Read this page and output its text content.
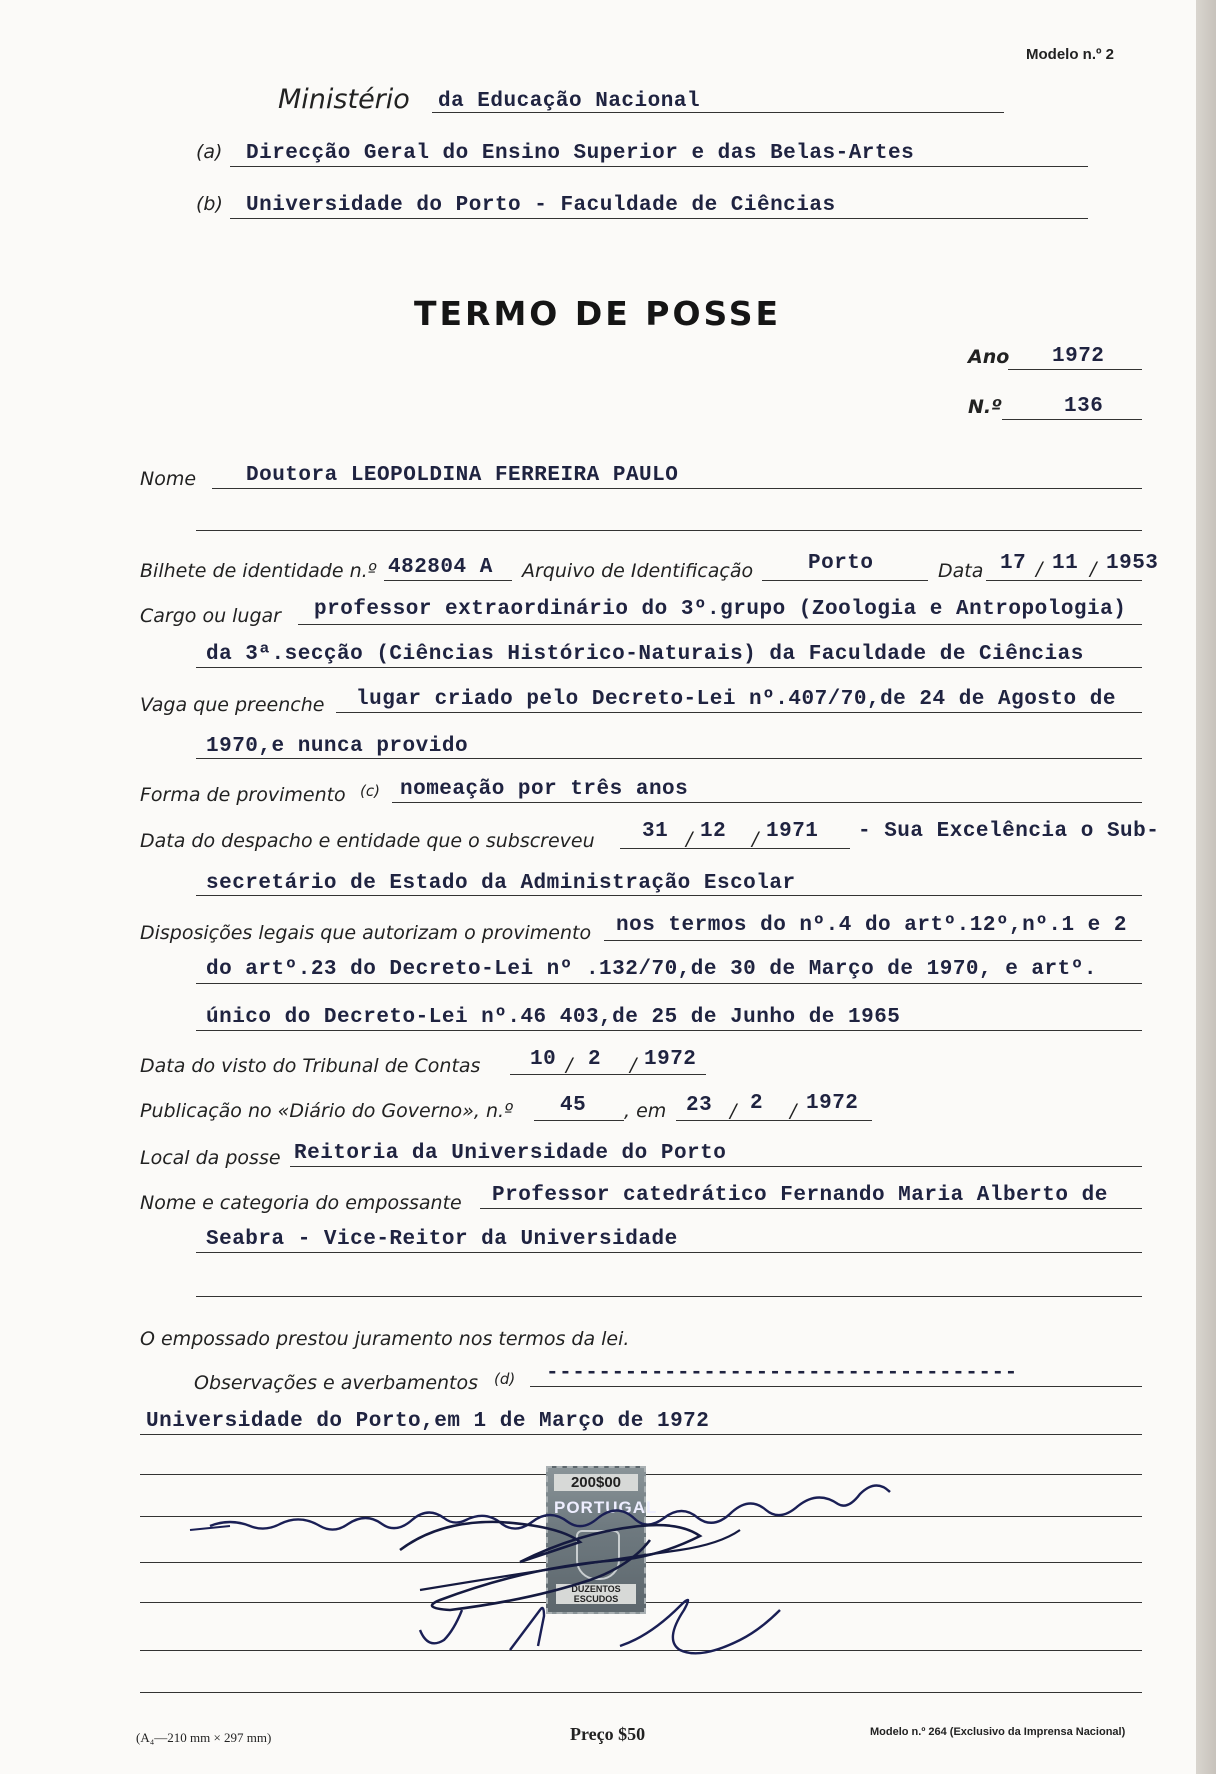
Modelo n.º 2
Ministério da Educação Nacional
(a) Direcção Geral do Ensino Superior e das Belas-Artes
(b) Universidade do Porto - Faculdade de Ciências
TERMO DE POSSE
Ano 1972
N.º	136
Nome Doutora LEOPOLDINA FERREIRA PAULO
Bilhete de identidade n.º 482804 A Arquivo de Identificação	Porto	Data 17 / 11 / 1953
Cargo ou lugar professor extraordinário do 3º.grupo (Zoologia e Antropologia)
da 3ª.secção (Ciências Histórico-Naturais) da Faculdade de Ciências
Vaga que preenche lugar criado pelo Decreto-Lei nº.407/70,de 24 de Agosto de
1970,e nunca provido
Forma de provimento (c) nomeação por três anos
Data do despacho e entidade que o subscreveu 31 / 12 / 1971 - Sua Excelência o Sub-
secretário de Estado da Administração Escolar
Disposições legais que autorizam o provimento nos termos do nº.4 do artº.12º,nº.1 e 2
do artº.23 do Decreto-Lei nº .132/70,de 30 de Março de 1970, e artº.
único do Decreto-Lei nº.46 403,de 25 de Junho de 1965
Data do visto do Tribunal de Contas 10 / 2 / 1972
Publicação no «Diário do Governo», n.º 45 , em 23 / 2 / 1972
Local da posse Reitoria da Universidade do Porto
Nome e categoria do empossante Professor catedrático Fernando Maria Alberto de
Seabra - Vice-Reitor da Universidade
O empossado prestou juramento nos termos da lei.
Observações e averbamentos (d) ------------------------------------
Universidade do Porto,em 1 de Março de 1972
200$00
PORTUGAL
DUZENTOS ESCUDOS
(A₄—210 mm × 297 mm)	Preço $50	Modelo n.º 264 (Exclusivo da Imprensa Nacional)
